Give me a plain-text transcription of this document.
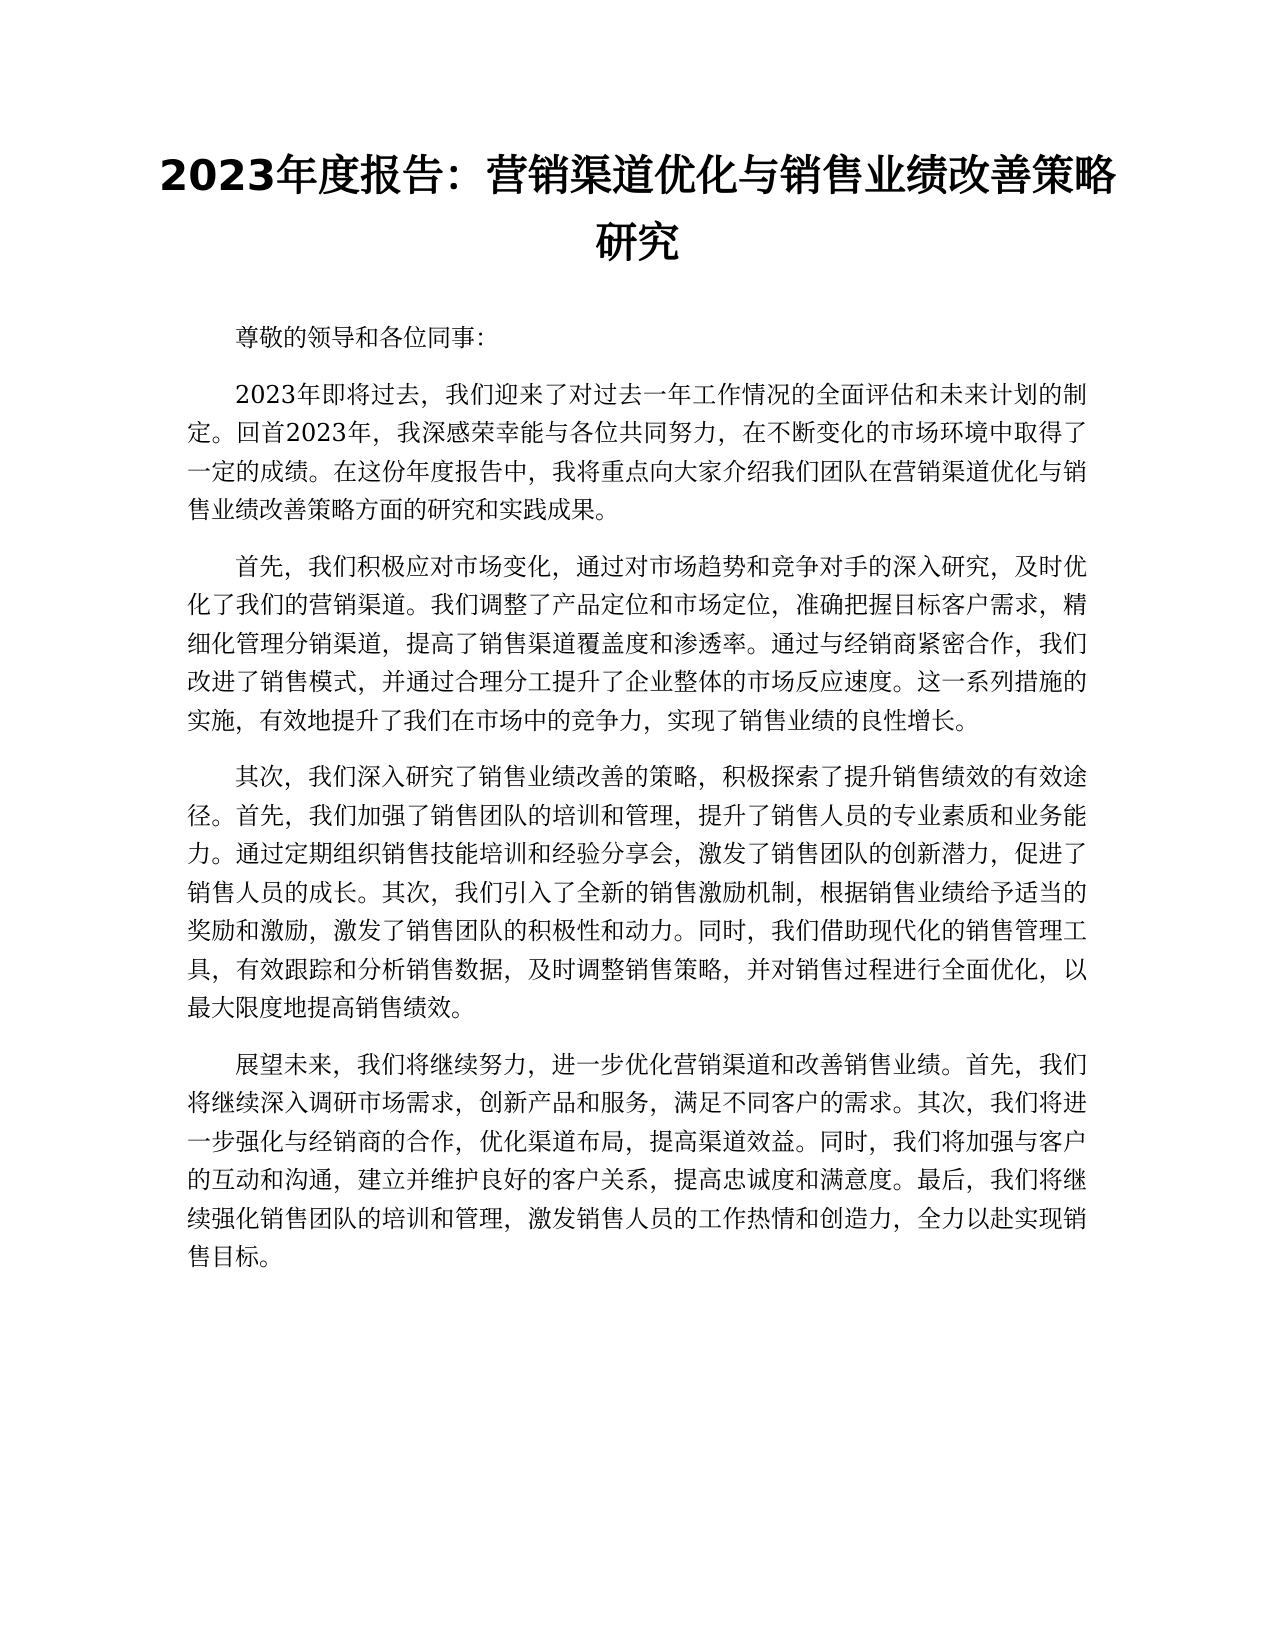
2023年度报告：营销渠道优化与销售业绩改善策略研究

尊敬的领导和各位同事：

2023年即将过去，我们迎来了对过去一年工作情况的全面评估和未来计划的制定。回首2023年，我深感荣幸能与各位共同努力，在不断变化的市场环境中取得了一定的成绩。在这份年度报告中，我将重点向大家介绍我们团队在营销渠道优化与销售业绩改善策略方面的研究和实践成果。

首先，我们积极应对市场变化，通过对市场趋势和竞争对手的深入研究，及时优化了我们的营销渠道。我们调整了产品定位和市场定位，准确把握目标客户需求，精细化管理分销渠道，提高了销售渠道覆盖度和渗透率。通过与经销商紧密合作，我们改进了销售模式，并通过合理分工提升了企业整体的市场反应速度。这一系列措施的实施，有效地提升了我们在市场中的竞争力，实现了销售业绩的良性增长。

其次，我们深入研究了销售业绩改善的策略，积极探索了提升销售绩效的有效途径。首先，我们加强了销售团队的培训和管理，提升了销售人员的专业素质和业务能力。通过定期组织销售技能培训和经验分享会，激发了销售团队的创新潜力，促进了销售人员的成长。其次，我们引入了全新的销售激励机制，根据销售业绩给予适当的奖励和激励，激发了销售团队的积极性和动力。同时，我们借助现代化的销售管理工具，有效跟踪和分析销售数据，及时调整销售策略，并对销售过程进行全面优化，以最大限度地提高销售绩效。

展望未来，我们将继续努力，进一步优化营销渠道和改善销售业绩。首先，我们将继续深入调研市场需求，创新产品和服务，满足不同客户的需求。其次，我们将进一步强化与经销商的合作，优化渠道布局，提高渠道效益。同时，我们将加强与客户的互动和沟通，建立并维护良好的客户关系，提高忠诚度和满意度。最后，我们将继续强化销售团队的培训和管理，激发销售人员的工作热情和创造力，全力以赴实现销售目标。
